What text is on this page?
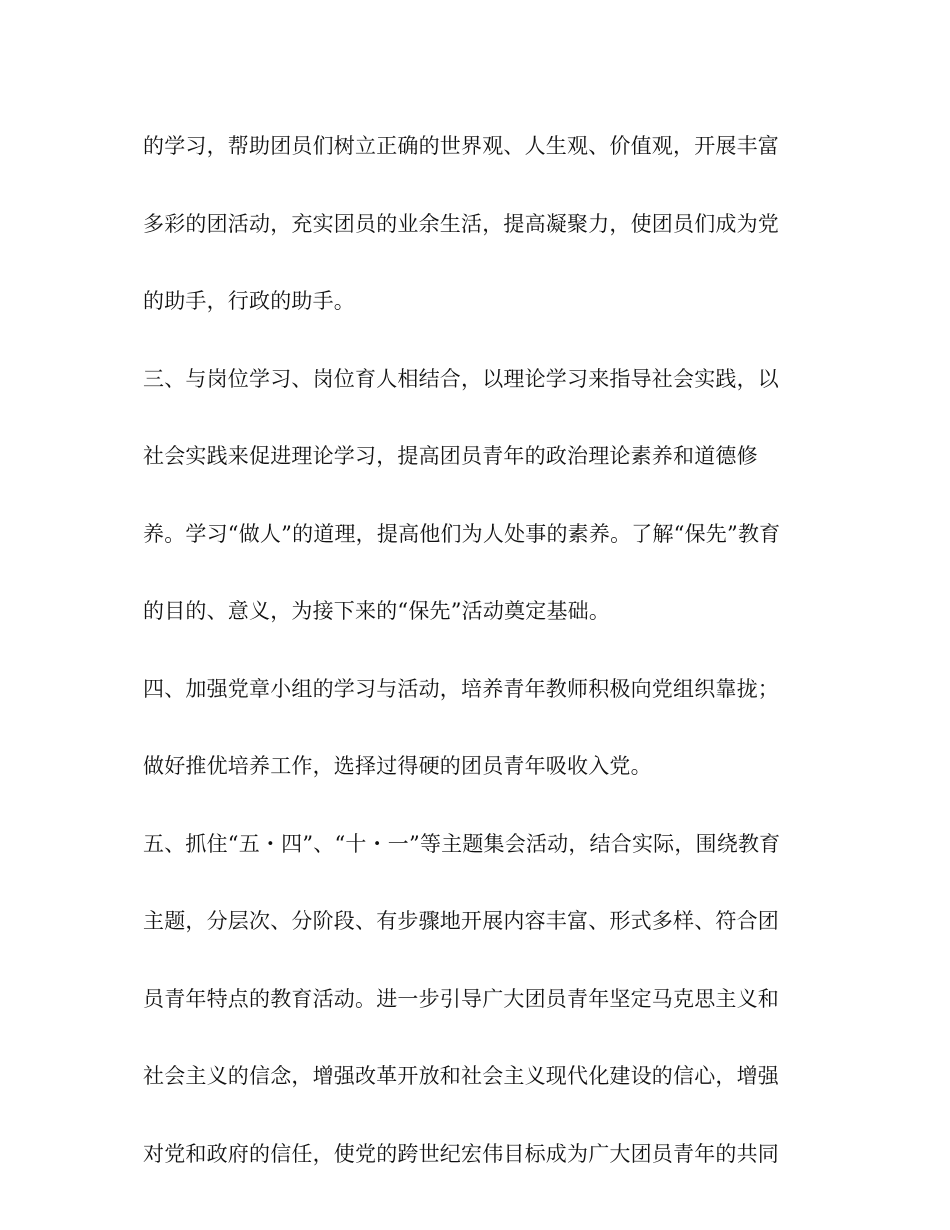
的学习，帮助团员们树立正确的世界观、人生观、价值观，开展丰富
多彩的团活动，充实团员的业余生活，提高凝聚力，使团员们成为党
的助手，行政的助手。
三、与岗位学习、岗位育人相结合，以理论学习来指导社会实践，以
社会实践来促进理论学习，提高团员青年的政治理论素养和道德修
养。学习“做人”的道理，提高他们为人处事的素养。了解“保先”教育
的目的、意义，为接下来的“保先”活动奠定基础。
四、加强党章小组的学习与活动，培养青年教师积极向党组织靠拢；
做好推优培养工作，选择过得硬的团员青年吸收入党。
五、抓住“五・四”、“十・一”等主题集会活动，结合实际，围绕教育
主题，分层次、分阶段、有步骤地开展内容丰富、形式多样、符合团
员青年特点的教育活动。进一步引导广大团员青年坚定马克思主义和
社会主义的信念，增强改革开放和社会主义现代化建设的信心，增强
对党和政府的信任，使党的跨世纪宏伟目标成为广大团员青年的共同
